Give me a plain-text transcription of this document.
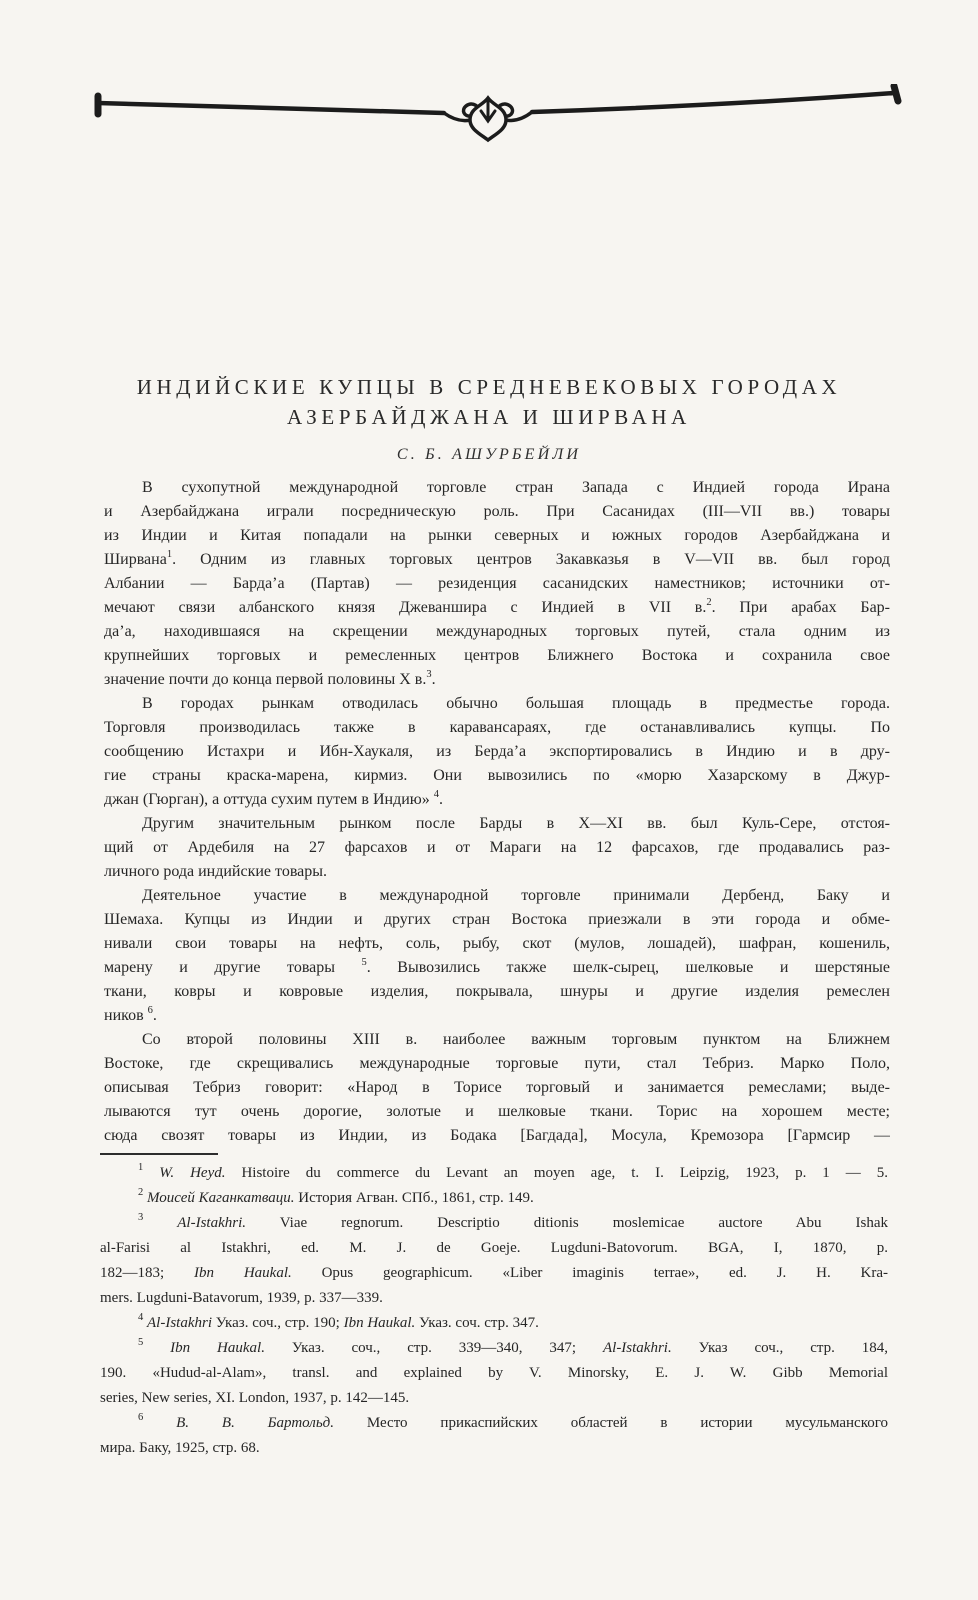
ИНДИЙСКИЕ КУПЦЫ В СРЕДНЕВЕКОВЫХ ГОРОДАХ
АЗЕРБАЙДЖАНА И ШИРВАНА
С. Б. АШУРБЕЙЛИ
В сухопутной международной торговле стран Запада с Индией города Ирана
и Азербайджана играли посредническую роль. При Сасанидах (III—VII вв.) товары
из Индии и Китая попадали на рынки северных и южных городов Азербайджана и
Ширвана$^1$. Одним из главных торговых центров Закавказья в V—VII вв. был город
Албании — Барда’а (Партав) — резиденция сасанидских наместников; источники от-
мечают связи албанского князя Джеваншира с Индией в VII в.$^2$. При арабах Бар-
да’а, находившаяся на скрещении международных торговых путей, стала одним из
крупнейших торговых и ремесленных центров Ближнего Востока и сохранила свое
значение почти до конца первой половины X в.$^3$.
В городах рынкам отводилась обычно большая площадь в предместье города.
Торговля производилась также в каравансараях, где останавливались купцы. По
сообщению Истахри и Ибн-Хаукаля, из Берда’а экспортировались в Индию и в дру-
гие страны краска-марена, кирмиз. Они вывозились по «морю Хазарскому в Джур-
джан (Гюрган), а оттуда сухим путем в Индию» $^4$.
Другим значительным рынком после Барды в X—XI вв. был Куль-Сере, отстоя-
щий от Ардебиля на 27 фарсахов и от Мараги на 12 фарсахов, где продавались раз-
личного рода индийские товары.
Деятельное участие в международной торговле принимали Дербенд, Баку и
Шемаха. Купцы из Индии и других стран Востока приезжали в эти города и обме-
нивали свои товары на нефть, соль, рыбу, скот (мулов, лошадей), шафран, кошениль,
марену и другие товары $^5$. Вывозились также шелк-сырец, шелковые и шерстяные
ткани, ковры и ковровые изделия, покрывала, шнуры и другие изделия ремеслен
ников $^6$.
Со второй половины XIII в. наиболее важным торговым пунктом на Ближнем
Востоке, где скрещивались международные торговые пути, стал Тебриз. Марко Поло,
описывая Тебриз говорит: «Народ в Торисе торговый и занимается ремеслами; выде-
лываются тут очень дорогие, золотые и шелковые ткани. Торис на хорошем месте;
сюда свозят товары из Индии, из Бодака [Багдада], Мосула, Кремозора [Гармсир —
$^1$ W. Heyd. Histoire du commerce du Levant an moyen age, t. I. Leipzig, 1923, p. 1 — 5.
$^2$ Моисей Каганкатваци. История Агван. СПб., 1861, стр. 149.
$^3$ Al-Istakhri. Viae regnorum. Descriptio ditionis moslemicae auctore Abu Ishak
al-Farisi al Istakhri, ed. M. J. de Goeje. Lugduni-Batovorum. BGA, I, 1870, p.
182—183; Ibn Haukal. Opus geographicum. «Liber imaginis terrae», ed. J. H. Kra-
mers. Lugduni-Batavorum, 1939, p. 337—339.
$^4$ Al-Istakhri Указ. соч., стр. 190; Ibn Haukal. Указ. соч. стр. 347.
$^5$ Ibn Haukal. Указ. соч., стр. 339—340, 347; Al-Istakhri. Указ соч., стр. 184,
190. «Hudud-al-Alam», transl. and explained by V. Minorsky, E. J. W. Gibb Memorial
series, New series, XI. London, 1937, p. 142—145.
$^6$ В. В. Бартольд. Место прикаспийских областей в истории мусульманского
мира. Баку, 1925, стр. 68.
